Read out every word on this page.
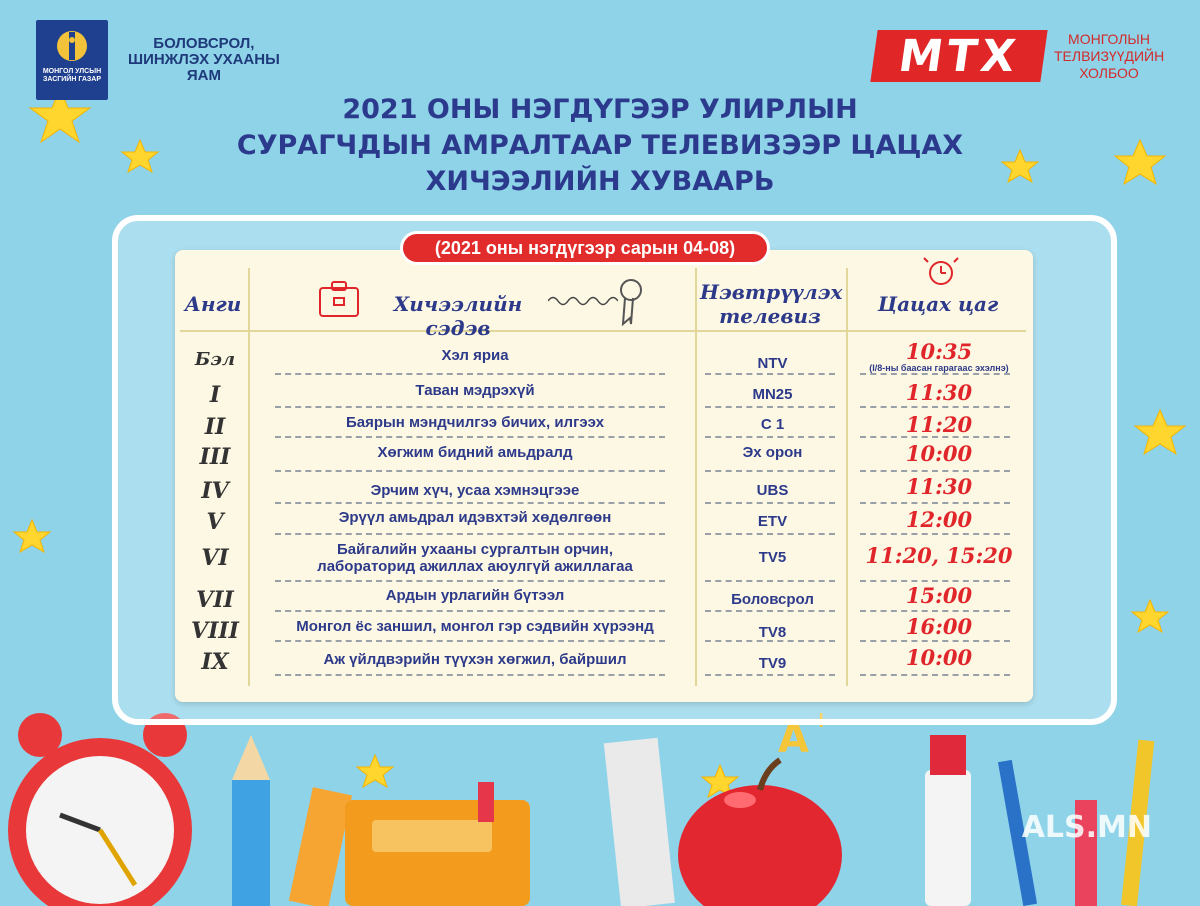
A +
МОНГОЛ УЛСЫН ЗАСГИЙН ГАЗАР
БОЛОВСРОЛ,
ШИНЖЛЭХ УХААНЫ
ЯАМ	МТХ	МОНГОЛЫН
ТЕЛВИЗҮҮДИЙН
ХОЛБОО
2021 ОНЫ НЭГДҮГЭЭР УЛИРЛЫН
СУРАГЧДЫН АМРАЛТААР ТЕЛЕВИЗЭЭР ЦАЦАХ
ХИЧЭЭЛИЙН ХУВААРЬ
(2021 оны нэгдүгээр сарын 04-08)
Анги	Хичээлийн сэдэв
Нэвтрүүлэх
телевиз	Цацах цаг
Бэл	Хэл яриа	NTV	10:35
(I/8-ны баасан гарагаас эхэлнэ)
I	Таван мэдрэхүй	MN25	11:30
II	Баярын мэндчилгээ бичих, илгээх	C 1	11:20
III	Хөгжим бидний амьдралд	Эх орон	10:00
IV	Эрчим хүч, усаа хэмнэцгээе	UBS	11:30
V	Эрүүл амьдрал идэвхтэй хөдөлгөөн	ETV	12:00
VI	Байгалийн ухааны сургалтын орчин,
лабораторид ажиллах аюулгүй ажиллагаа
TV5	11:20, 15:20
VII	Ардын урлагийн бүтээл	Боловсрол	15:00
VIII	Монгол ёс заншил, монгол гэр сэдвийн хүрээнд	TV8	16:00
IX	Аж үйлдвэрийн түүхэн хөгжил, байршил	TV9	10:00
ALS.MN
